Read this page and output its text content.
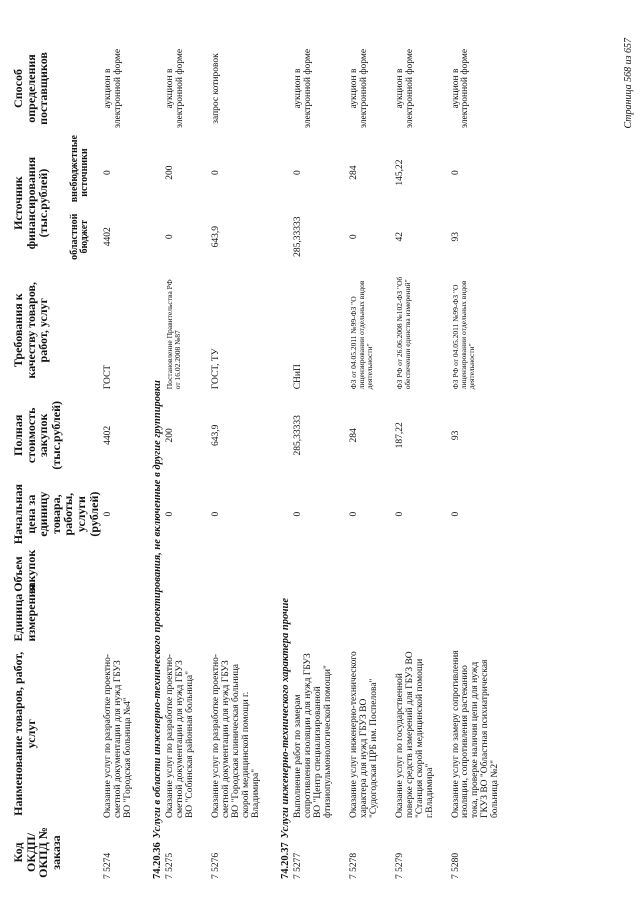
Код ОКДП/ ОКПД № заказа	Наименование товаров, работ, услуг	Единица измерения	Объем закупок	Начальная цена за единицу товара, работы, услуги (рублей)	Полная стоимость закупок (тыс.рублей)	Требования к качеству товаров, работ, услуг	Источник финансирования (тыс.рублей)		Способ определения поставщиков
							областной бюджет	внебюджетные источники	
7 5274	Оказание услуг по разработке проектно-сметной документации для нужд ГБУЗ ВО "Городская больница №4"			0	4402	ГОСТ	4402	0	аукцион в электронной форме
74.20.36Услуги в области инженерно-технического проектирования, не включенные в другие группировки									
7 5275	Оказание услуг по разработке проектно-сметной документации для нужд ГБУЗ ВО "Собинская районная больница"			0	200	Постановление Правительства РФ от 16.02.2008 №87	0	200	аукцион в электронной форме
7 5276	Оказание услуг по разработке проектно-сметной документации для нужд ГБУЗ ВО "Городская клиническая больница скорой медицинской помощи г. Владимира"			0	643,9	ГОСТ, ТУ	643,9	0	запрос котировок
74.20.37Услуги инженерно-технического характера прочие									
7 5277	Выполнение работ по замерам сопротивления изоляции для нужд ГБУЗ ВО "Центр специализированной фтизиопульмонологической помощи"			0	285,33333	СНиП	285,33333	0	аукцион в электронной форме
7 5278	Оказание услуг инженерно-технического характера для нужд ГБУЗ ВО "Судогодская ЦРБ им. Поспелова"			0	284	ФЗ от 04.05.2011 №99-ФЗ "О лицензировании отдельных видов деятельности"	0	284	аукцион в электронной форме
7 5279	Оказание услуг по государственной поверке средств измерений для ГБУЗ ВО "Станция скорой медицинской помощи г.Владимира"			0	187,22	ФЗ РФ от 26.06.2008 №102-ФЗ "Об обеспечении единства измерений"	42	145,22	аукцион в электронной форме
7 5280	Оказание услуг по замеру сопротивления изоляции, сопротивления растеканию тока, проверке наличия цепи для нужд ГКУЗ ВО "Областная психиатрическая больница №2"			0	93	ФЗ РФ от 04.05.2011 №99-ФЗ "О лицензировании отдельных видов деятельности"	93	0	аукцион в электронной форме	Страница 568 из 657
